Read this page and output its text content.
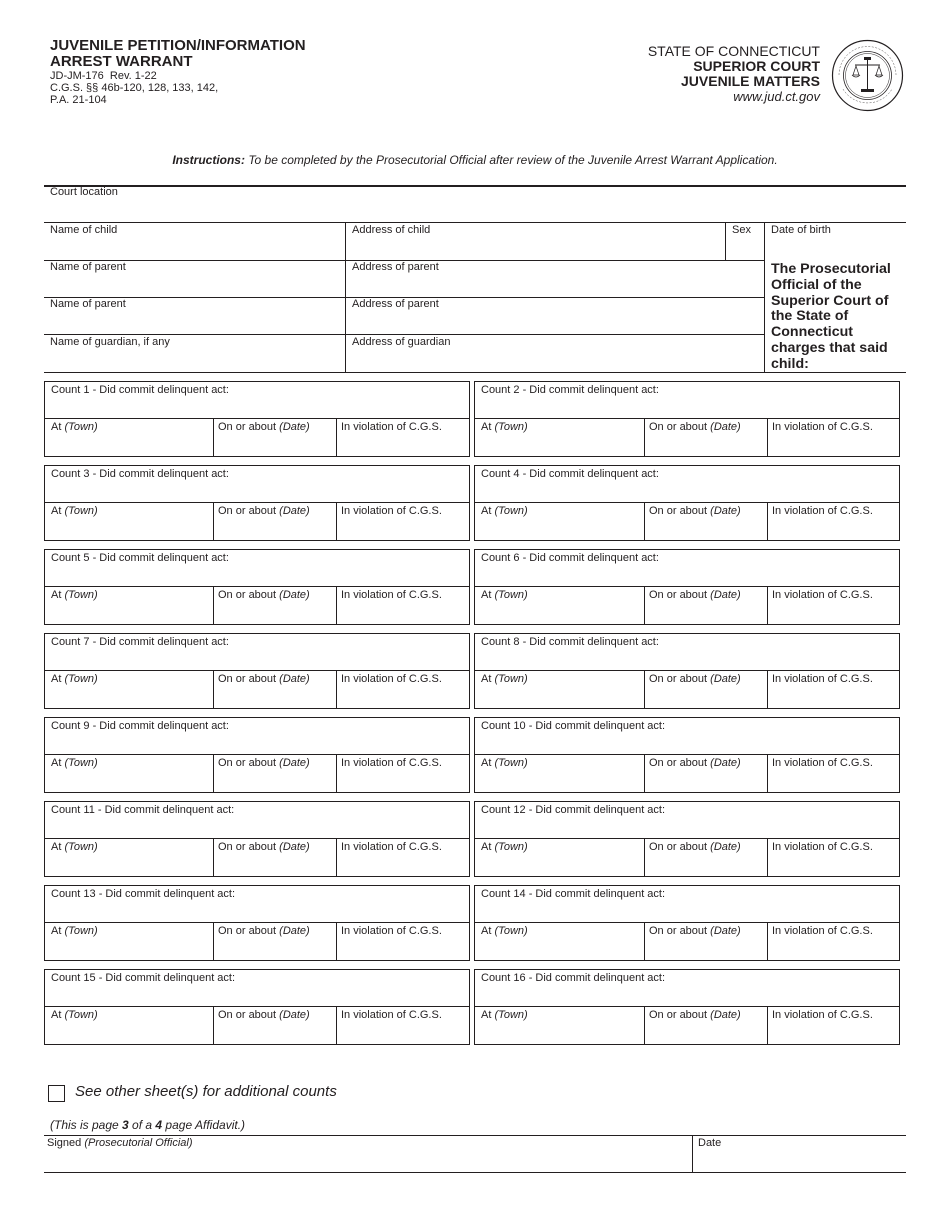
JUVENILE PETITION/INFORMATION
ARREST WARRANT
JD-JM-176 Rev. 1-22
C.G.S. §§ 46b-120, 128, 133, 142,
P.A. 21-104
STATE OF CONNECTICUT
SUPERIOR COURT
JUVENILE MATTERS
www.jud.ct.gov
Instructions: To be completed by the Prosecutorial Official after review of the Juvenile Arrest Warrant Application.
Court location
Name of child	Address of child	Sex Date of birth
Name of parent	Address of parent
Name of parent	Address of parent
Name of guardian, if any	Address of guardian
The Prosecutorial Official of the Superior Court of the State of Connecticut charges that said child:
Count 1 - Did commit delinquent act:
At (Town)	On or about (Date)	In violation of C.G.S.
Count 2 - Did commit delinquent act:
At (Town)	On or about (Date)	In violation of C.G.S.
Count 3 - Did commit delinquent act:
At (Town)	On or about (Date)	In violation of C.G.S.
Count 4 - Did commit delinquent act:
At (Town)	On or about (Date)	In violation of C.G.S.
Count 5 - Did commit delinquent act:
At (Town)	On or about (Date)	In violation of C.G.S.
Count 6 - Did commit delinquent act:
At (Town)	On or about (Date)	In violation of C.G.S.
Count 7 - Did commit delinquent act:
At (Town)	On or about (Date)	In violation of C.G.S.
Count 8 - Did commit delinquent act:
At (Town)	On or about (Date)	In violation of C.G.S.
Count 9 - Did commit delinquent act:
At (Town)	On or about (Date)	In violation of C.G.S.
Count 10 - Did commit delinquent act:
At (Town)	On or about (Date)	In violation of C.G.S.
Count 11 - Did commit delinquent act:
At (Town)	On or about (Date)	In violation of C.G.S.
Count 12 - Did commit delinquent act:
At (Town)	On or about (Date)	In violation of C.G.S.
Count 13 - Did commit delinquent act:
At (Town)	On or about (Date)	In violation of C.G.S.
Count 14 - Did commit delinquent act:
At (Town)	On or about (Date)	In violation of C.G.S.
Count 15 - Did commit delinquent act:
At (Town)	On or about (Date)	In violation of C.G.S.
Count 16 - Did commit delinquent act:
At (Town)	On or about (Date)	In violation of C.G.S.
See other sheet(s) for additional counts
(This is page 3 of a 4 page Affidavit.)
Signed (Prosecutorial Official)	Date
